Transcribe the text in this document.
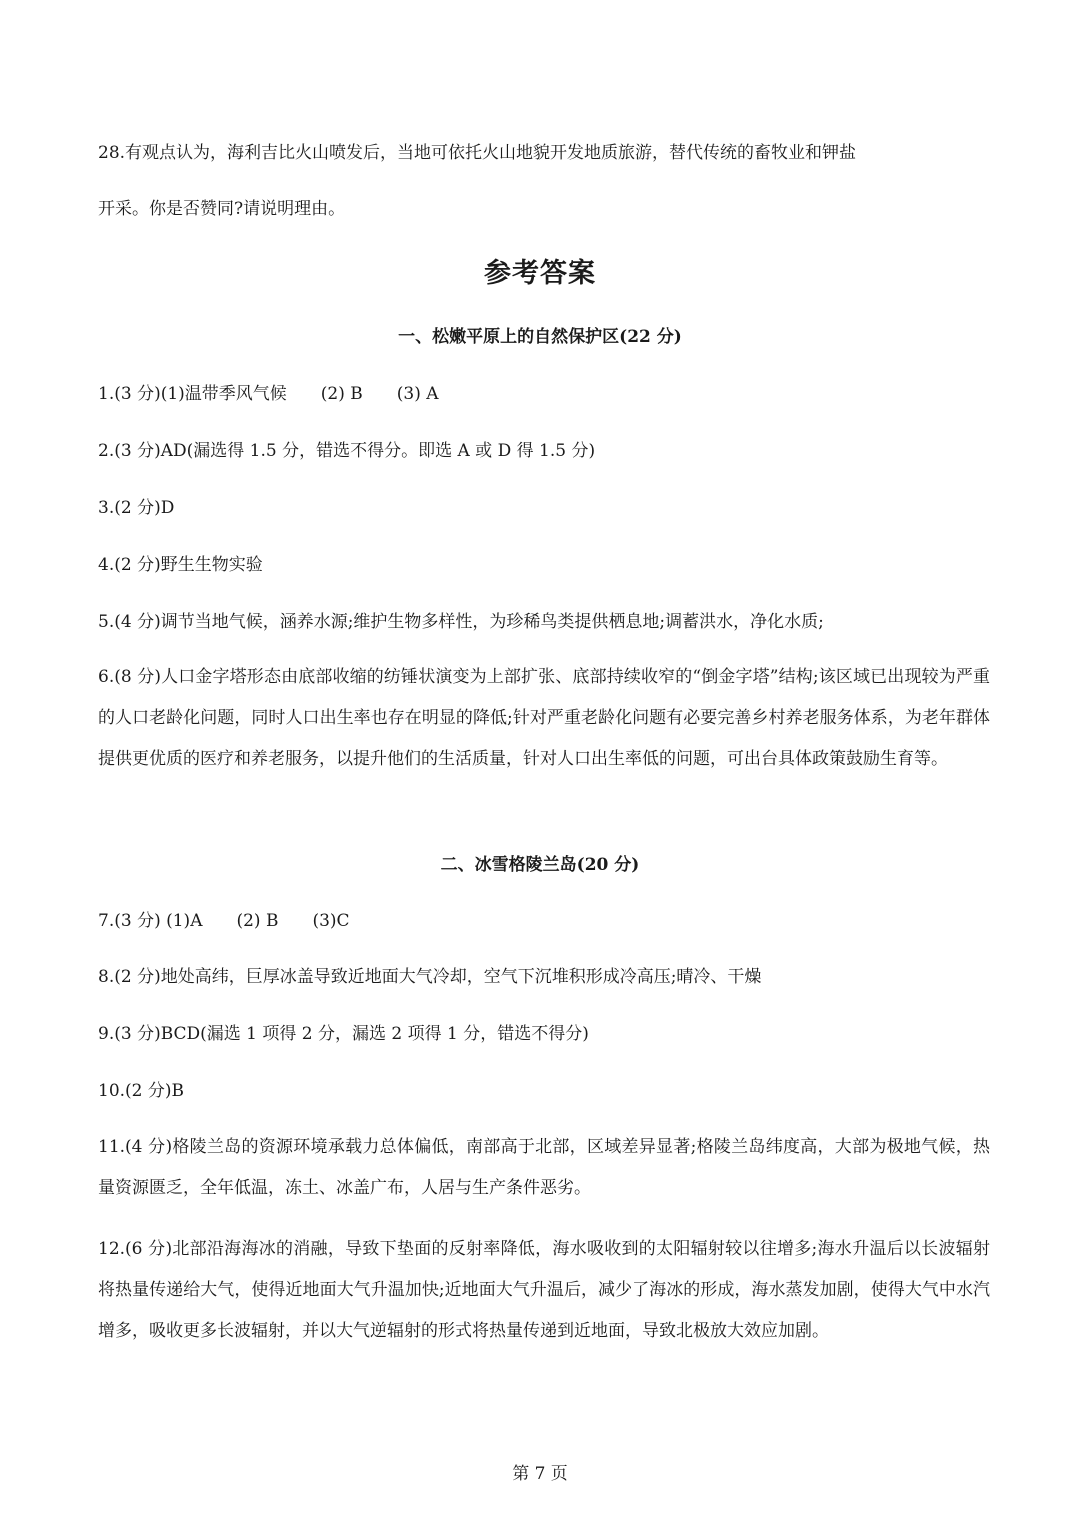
28.有观点认为，海利吉比火山喷发后，当地可依托火山地貌开发地质旅游，替代传统的畜牧业和钾盐
开采。你是否赞同?请说明理由。
参考答案
一、松嫩平原上的自然保护区(22 分)
1.(3 分)(1)温带季风气候　　(2) B　　(3) A
2.(3 分)AD(漏选得 1.5 分，错选不得分。即选 A 或 D 得 1.5 分)
3.(2 分)D
4.(2 分)野生生物实验
5.(4 分)调节当地气候，涵养水源;维护生物多样性，为珍稀鸟类提供栖息地;调蓄洪水，净化水质;
6.(8 分)人口金字塔形态由底部收缩的纺锤状演变为上部扩张、底部持续收窄的“倒金字塔”结构;该区域已出现较为严重的人口老龄化问题，同时人口出生率也存在明显的降低;针对严重老龄化问题有必要完善乡村养老服务体系，为老年群体提供更优质的医疗和养老服务，以提升他们的生活质量，针对人口出生率低的问题，可出台具体政策鼓励生育等。
二、冰雪格陵兰岛(20 分)
7.(3 分) (1)A　　(2) B　　(3)C
8.(2 分)地处高纬，巨厚冰盖导致近地面大气冷却，空气下沉堆积形成冷高压;晴冷、干燥
9.(3 分)BCD(漏选 1 项得 2 分，漏选 2 项得 1 分，错选不得分)
10.(2 分)B
11.(4 分)格陵兰岛的资源环境承载力总体偏低，南部高于北部，区域差异显著;格陵兰岛纬度高，大部为极地气候，热量资源匮乏，全年低温，冻土、冰盖广布，人居与生产条件恶劣。
12.(6 分)北部沿海海冰的消融，导致下垫面的反射率降低，海水吸收到的太阳辐射较以往增多;海水升温后以长波辐射将热量传递给大气，使得近地面大气升温加快;近地面大气升温后，减少了海冰的形成，海水蒸发加剧，使得大气中水汽增多，吸收更多长波辐射，并以大气逆辐射的形式将热量传递到近地面，导致北极放大效应加剧。
第 7 页
